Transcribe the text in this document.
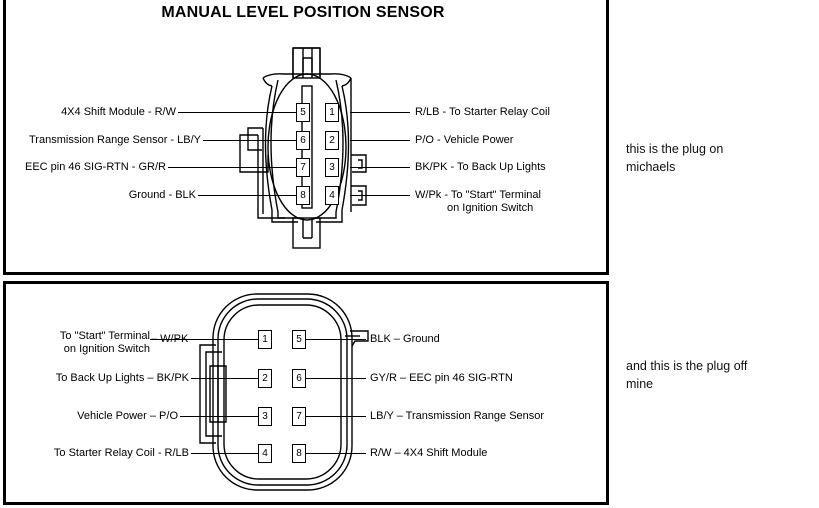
MANUAL LEVEL POSITION SENSOR
5
6
7
8
1
2
3
4
4X4 Shift Module - R/W
Transmission Range Sensor - LB/Y
EEC pin 46 SIG-RTN - GR/R
Ground - BLK
R/LB - To Starter Relay Coil
P/O - Vehicle Power
BK/PK - To Back Up Lights
W/Pk - To "Start" Terminal
on Ignition Switch
this is the plug on
michaels
1
2
3
4
5
6
7
8
To "Start" Terminal
on Ignition Switch
– W/PK
To Back Up Lights – BK/PK
Vehicle Power – P/O
To Starter Relay Coil - R/LB
BLK – Ground
GY/R – EEC pin 46 SIG-RTN
LB/Y – Transmission Range Sensor
R/W – 4X4 Shift Module
and this is the plug off
mine
